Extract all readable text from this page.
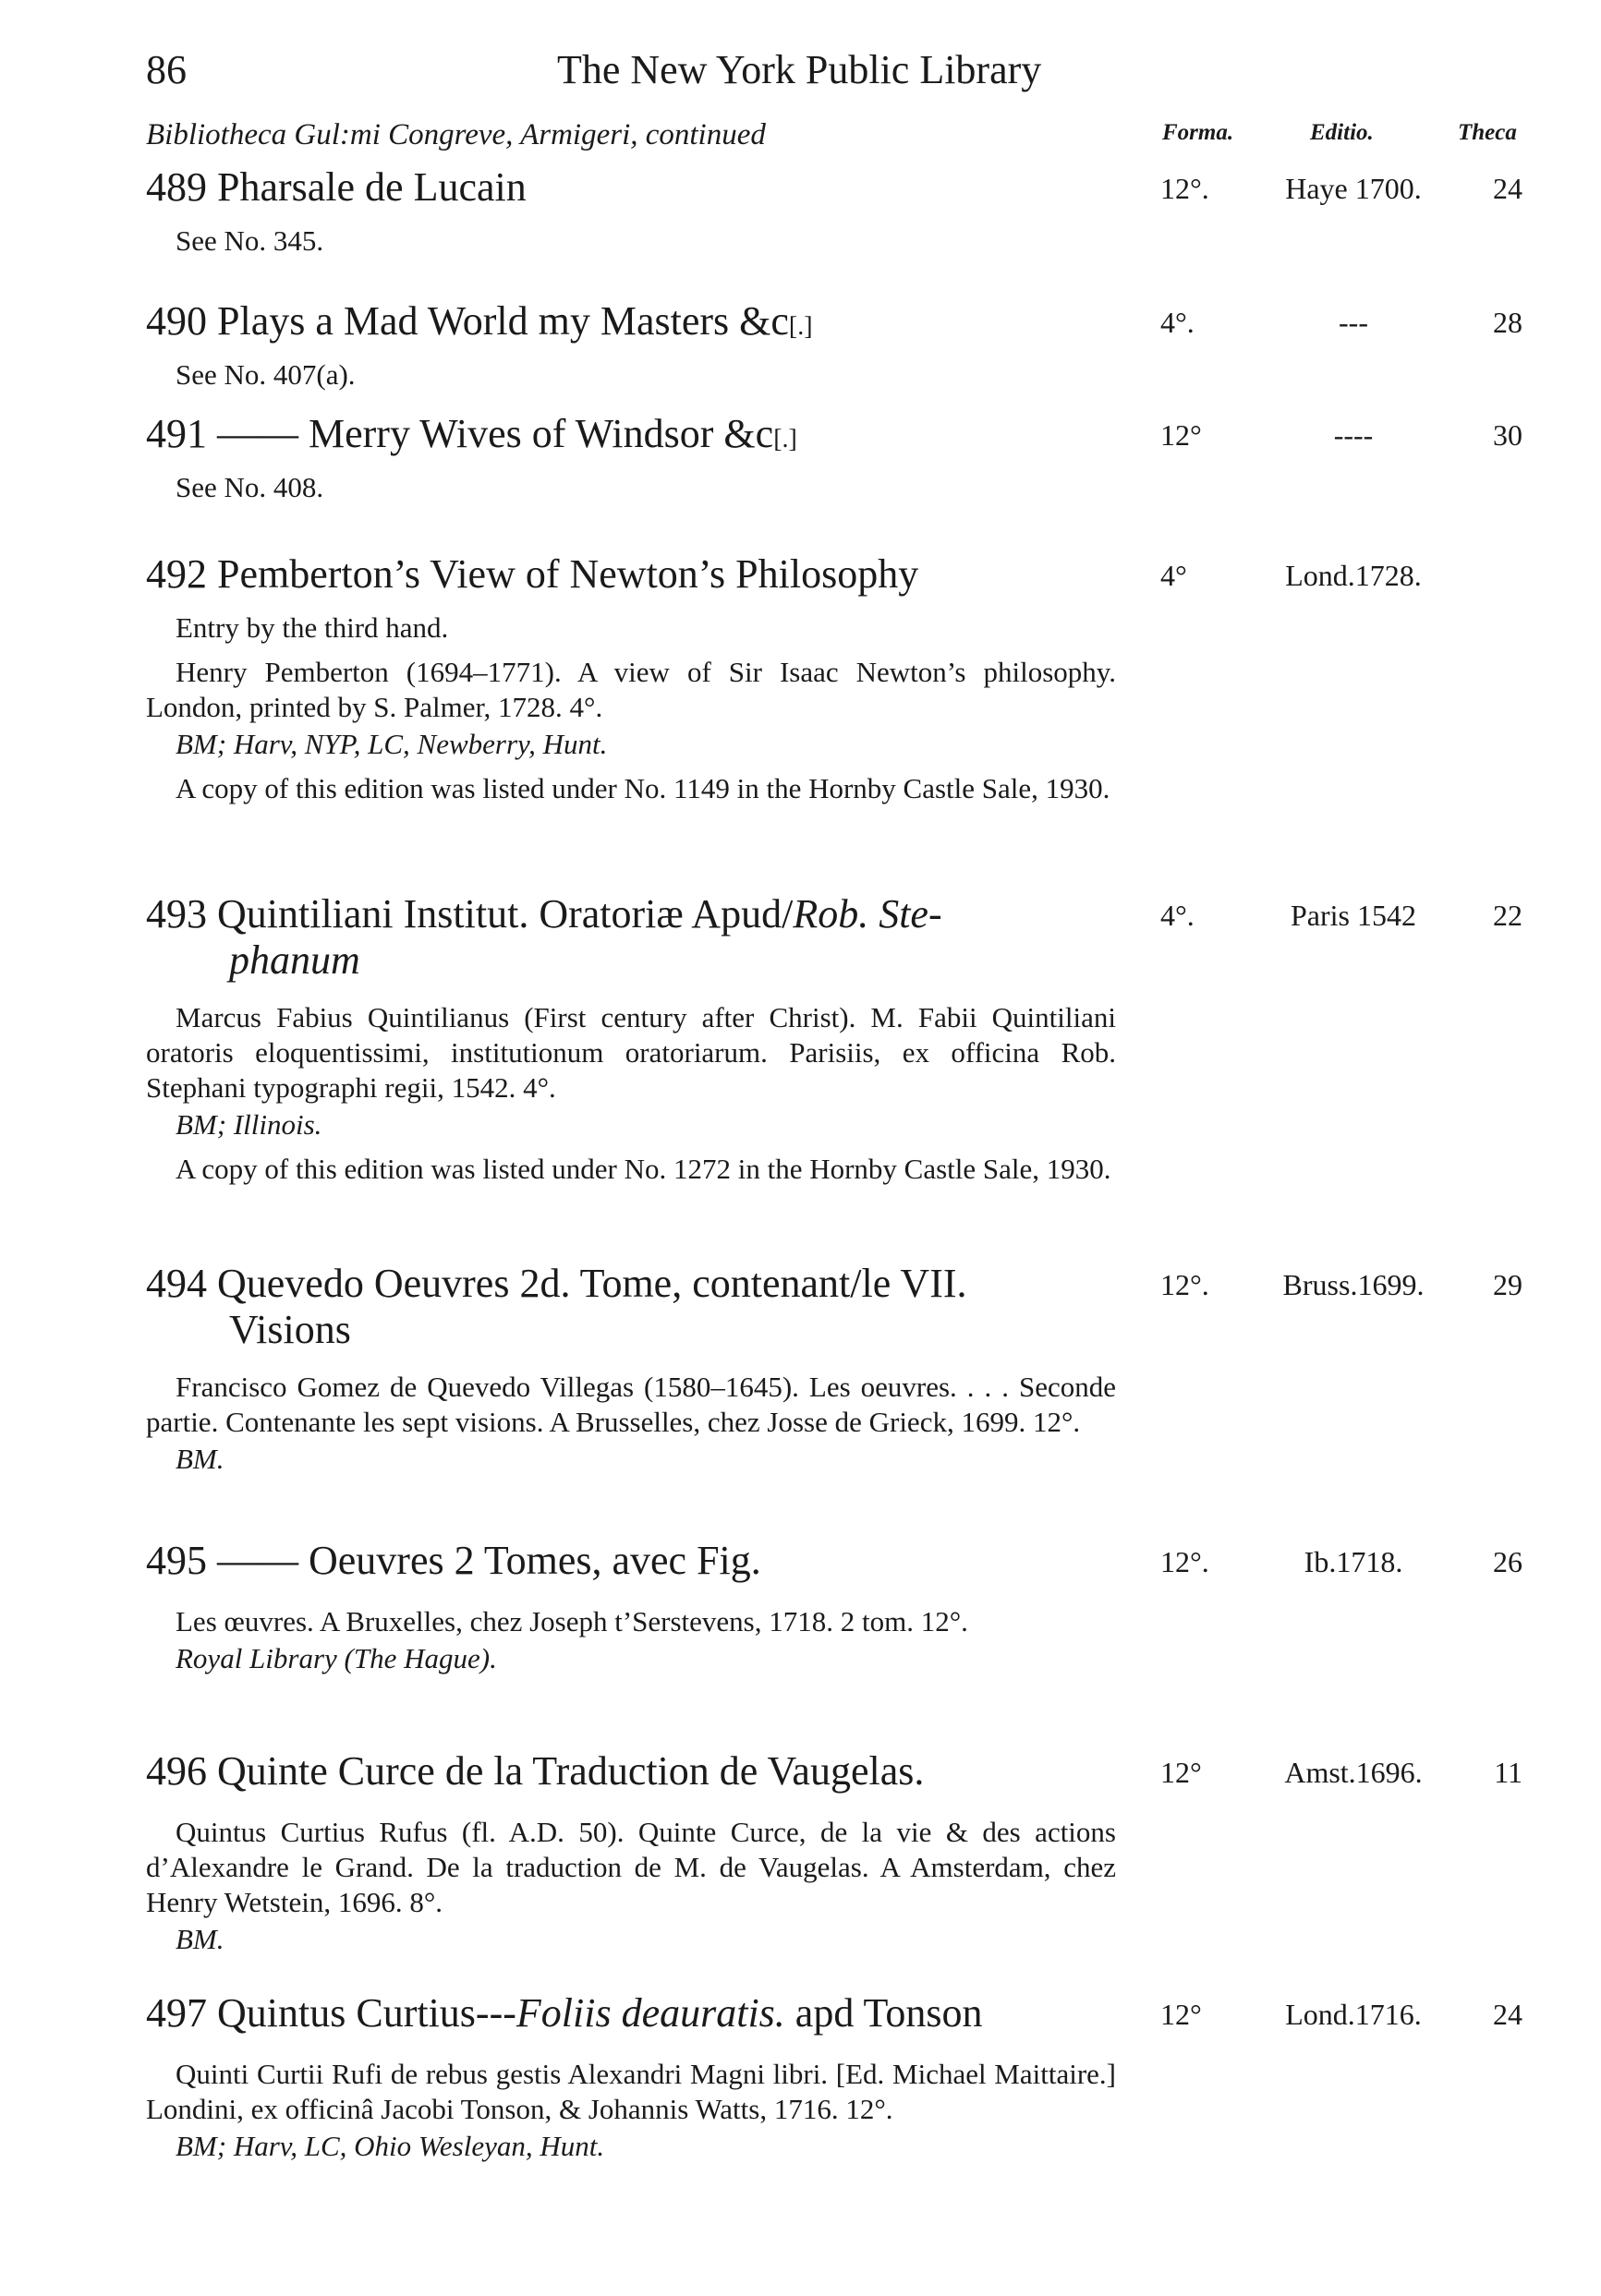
86	The New York Public Library
Bibliotheca Gul:mi Congreve, Armigeri, continued	Forma.	Editio.	Theca
489 Pharsale de Lucain	12°.	Haye 1700.	24
See No. 345.
490 Plays a Mad World my Masters &c[.]	4°.	---	28
See No. 407(a).
491 —— Merry Wives of Windsor &c[.]	12°	----	30
See No. 408.
492 Pemberton’s View of Newton’s Philosophy	4°	Lond.1728.
Entry by the third hand.
Henry Pemberton (1694–1771). A view of Sir Isaac Newton’s philosophy. London, printed by S. Palmer, 1728. 4°.
BM; Harv, NYP, LC, Newberry, Hunt.
A copy of this edition was listed under No. 1149 in the Hornby Castle Sale, 1930.
493 Quintiliani Institut. Oratoriæ Apud/Rob. Ste-
phanum
4°.	Paris 1542	22
Marcus Fabius Quintilianus (First century after Christ). M. Fabii Quintiliani oratoris eloquentissimi, institutionum oratoriarum. Parisiis, ex officina Rob. Stephani typographi regii, 1542. 4°.
BM; Illinois.
A copy of this edition was listed under No. 1272 in the Hornby Castle Sale, 1930.
494 Quevedo Oeuvres 2d. Tome, contenant/le VII.
Visions
12°.	Bruss.1699.	29
Francisco Gomez de Quevedo Villegas (1580–1645). Les oeuvres. . . . Seconde partie. Contenante les sept visions. A Brusselles, chez Josse de Grieck, 1699. 12°.
BM.
495 —— Oeuvres 2 Tomes, avec Fig.	12°.	Ib.1718.	26
Les œuvres. A Bruxelles, chez Joseph t’Serstevens, 1718. 2 tom. 12°.
Royal Library (The Hague).
496 Quinte Curce de la Traduction de Vaugelas.	12°	Amst.1696.	11
Quintus Curtius Rufus (fl. A.D. 50). Quinte Curce, de la vie & des actions d’Alexandre le Grand. De la traduction de M. de Vaugelas. A Amsterdam, chez Henry Wetstein, 1696. 8°.
BM.
497 Quintus Curtius---Foliis deauratis. apd Tonson	12°	Lond.1716.	24
Quinti Curtii Rufi de rebus gestis Alexandri Magni libri. [Ed. Michael Maittaire.] Londini, ex officinâ Jacobi Tonson, & Johannis Watts, 1716. 12°.
BM; Harv, LC, Ohio Wesleyan, Hunt.
